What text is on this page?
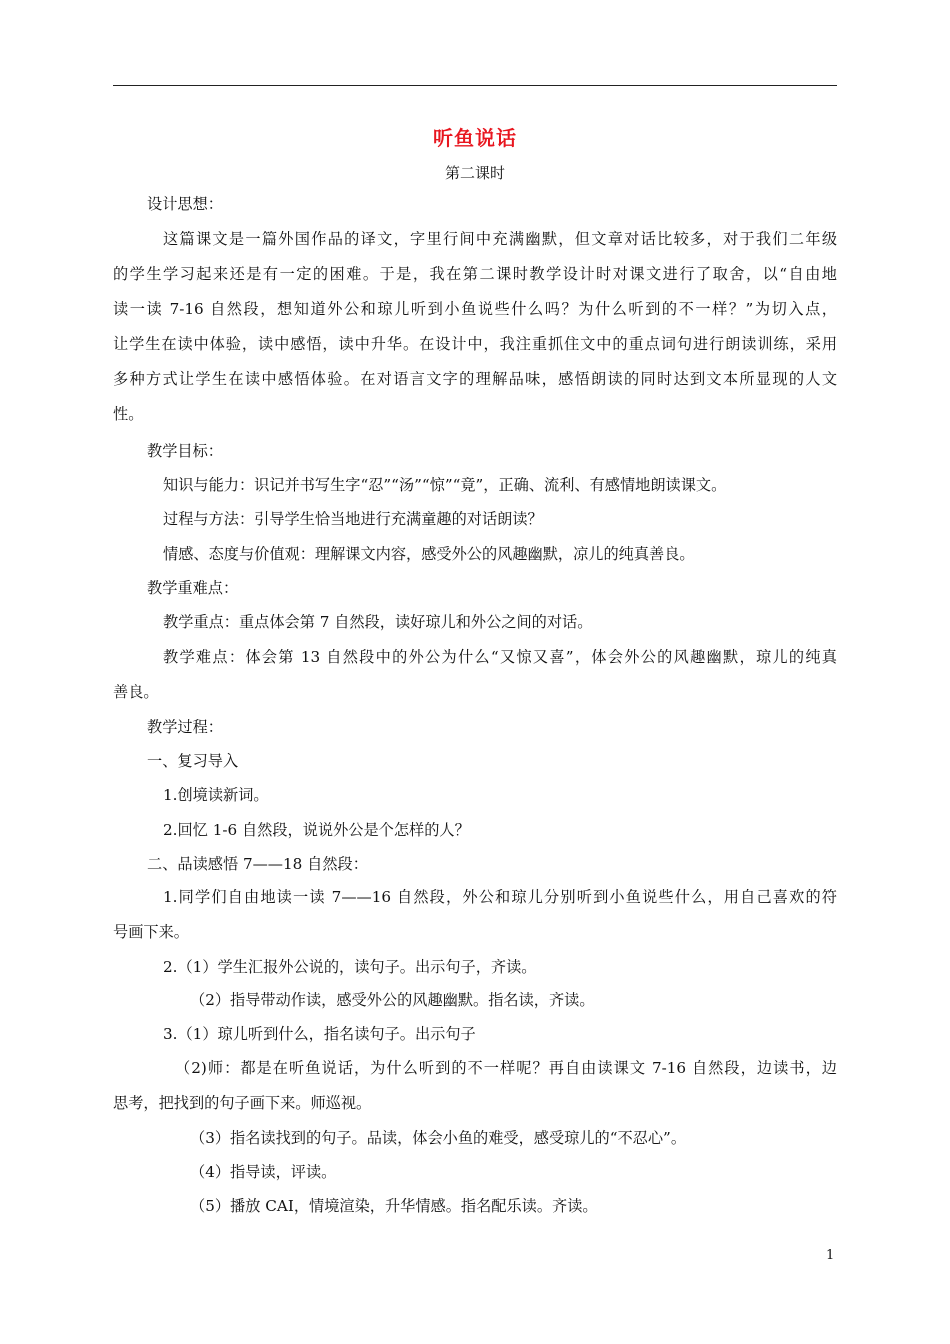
听鱼说话
第二课时
设计思想：
这篇课文是一篇外国作品的译文，字里行间中充满幽默，但文章对话比较多，对于我们二年级
的学生学习起来还是有一定的困难。于是，我在第二课时教学设计时对课文进行了取舍，以“自由地
读一读 7-16 自然段，想知道外公和琼儿听到小鱼说些什么吗？为什么听到的不一样？”为切入点，
让学生在读中体验，读中感悟，读中升华。在设计中，我注重抓住文中的重点词句进行朗读训练，采用
多种方式让学生在读中感悟体验。在对语言文字的理解品味，感悟朗读的同时达到文本所显现的人文
性。
教学目标：
知识与能力：识记并书写生字“忍”“汤”“惊”“竟”，正确、流利、有感情地朗读课文。
过程与方法：引导学生恰当地进行充满童趣的对话朗读？
情感、态度与价值观：理解课文内容，感受外公的风趣幽默，凉儿的纯真善良。
教学重难点：
教学重点：重点体会第 7 自然段，读好琼儿和外公之间的对话。
教学难点：体会第 13 自然段中的外公为什么“又惊又喜”，体会外公的风趣幽默，琼儿的纯真
善良。
教学过程：
一、复习导入
1.创境读新词。
2.回忆 1-6 自然段，说说外公是个怎样的人？
二、品读感悟 7——18 自然段：
1.同学们自由地读一读 7——16 自然段，外公和琼儿分别听到小鱼说些什么，用自己喜欢的符
号画下来。
2.（1）学生汇报外公说的，读句子。出示句子，齐读。
（2）指导带动作读，感受外公的风趣幽默。指名读，齐读。
3.（1）琼儿听到什么，指名读句子。出示句子
（2)师：都是在听鱼说话，为什么听到的不一样呢？再自由读课文 7-16 自然段，边读书，边
思考，把找到的句子画下来。师巡视。
（3）指名读找到的句子。品读，体会小鱼的难受，感受琼儿的“不忍心”。
（4）指导读，评读。
（5）播放 CAI，情境渲染，升华情感。指名配乐读。齐读。
1
